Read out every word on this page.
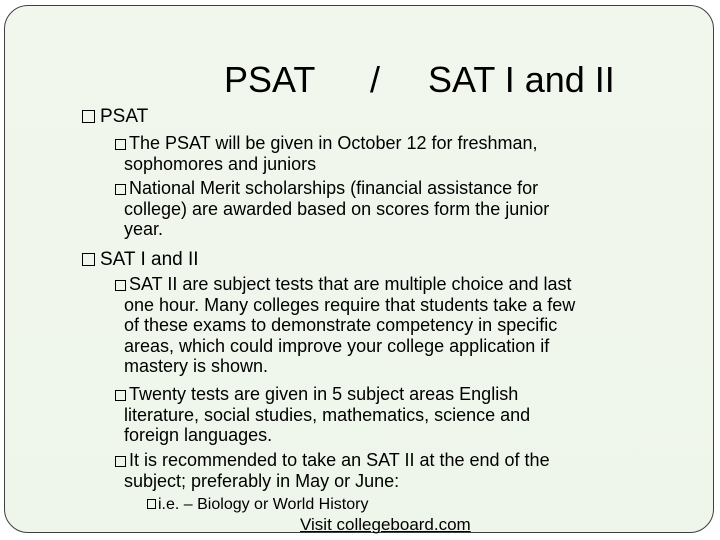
PSAT / SAT I and II
PSAT
The PSAT will be given in October 12 for freshman,
sophomores and juniors
National Merit scholarships (financial assistance for
college) are awarded based on scores form the junior
year.
SAT I and II
SAT II are subject tests that are multiple choice and last
one hour. Many colleges require that students take a few
of these exams to demonstrate competency in specific
areas, which could improve your college application if
mastery is shown.
Twenty tests are given in 5 subject areas English
literature, social studies, mathematics, science and
foreign languages.
It is recommended to take an SAT II at the end of the
subject; preferably in May or June:
i.e. – Biology or World History
Visit collegeboard.com
